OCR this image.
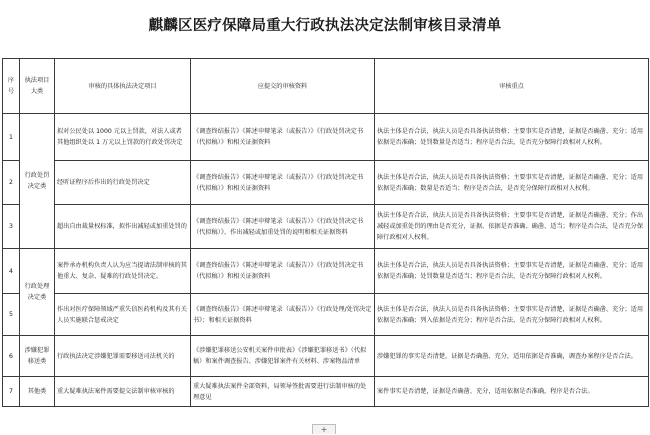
麒麟区医疗保障局重大行政执法决定法制审核目录清单
序号	执法项目大类	审核的具体执法决定项目	应提交的审核资料	审核重点
1	行政处罚决定类	拟对公民处以 1000 元以上罚款，对法人或者其他组织处以 1 万元以上罚款的行政处罚决定	《调查终结报告》《陈述申辩笔录（或报告）》《行政处罚决定书（代拟稿）》和相关证据资料	执法主体是否合法，执法人员是否具备执法资格；主要事实是否清楚，证据是否确凿、充分；适用依据是否准确；处罚数量是否适当；程序是否合法，是否充分保障行政相对人权利。
2		经听证程序后作出的行政处罚决定	《调查终结报告》《陈述申辩笔录（或报告）》《行政处罚决定书（代拟稿）》和相关证据资料	执法主体是否合法，执法人员是否具备执法资格；主要事实是否清楚，证据是否确凿、充分；适用依据是否准确；数量是否适当；程序是否合法，是否充分保障行政相对人权利。
3		超出自由裁量权标准，拟作出减轻或加重处罚的	《调查终结报告》《陈述申辩笔录（或报告）》《行政处罚决定书（代拟稿）》、作出减轻或加重处罚的说明和相关证据资料	执法主体是否合法，执法人员是否具备执法资格；主要事实是否清楚，证据是否确凿、充分；作出减轻或加重处罚的理由是否充分，证据、依据是否准确、确凿、适当；程序是否合法，是否充分保障行政相对人权利。
4	行政处理决定类	案件承办机构负责人认为应当提请法制审核的其他重大、复杂、疑难的行政处罚决定。	《调查终结报告》《陈述申辩笔录（或报告）》《行政处罚决定书（代拟稿）》和相关证据资料	执法主体是否合法，执法人员是否具备执法资格；主要事实是否清楚，证据是否确凿、充分；适用依据是否准确；处罚数量是否适当；程序是否合法，是否充分保障行政相对人权利。
5		作出对医疗保障领域严重失信医药机构及其有关人员实施联合惩戒决定	《调查终结报告》《陈述申辩笔录（或报告）》《行政处理/处罚决定书》；和相关证据资料	执法主体是否合法，执法人员是否具备执法资格；主要事实是否清楚，证据是否确凿、充分；适用依据是否准确；列入依据是否充分；程序是否合法，是否充分保障行政相对人权利。
6	涉嫌犯罪移送类	行政执法决定涉嫌犯罪需要移送司法机关的	《涉嫌犯罪移送公安机关案件审批表》《涉嫌犯罪移送书》（代拟稿）和案件调查报告、涉嫌犯罪案件有关材料、涉案物品清单	涉嫌犯罪的事实是否清楚，证据是否确凿、充分，适用依据是否准确，调查办案程序是否合法。
7	其他类	重大疑难执法案件需要提交法制审核审核的	重大疑难执法案件全部资料，局领导签批需要进行法制审核的处理意见	案件事实是否清楚，证据是否确凿、充分，适用依据是否准确，程序是否合法。
+
